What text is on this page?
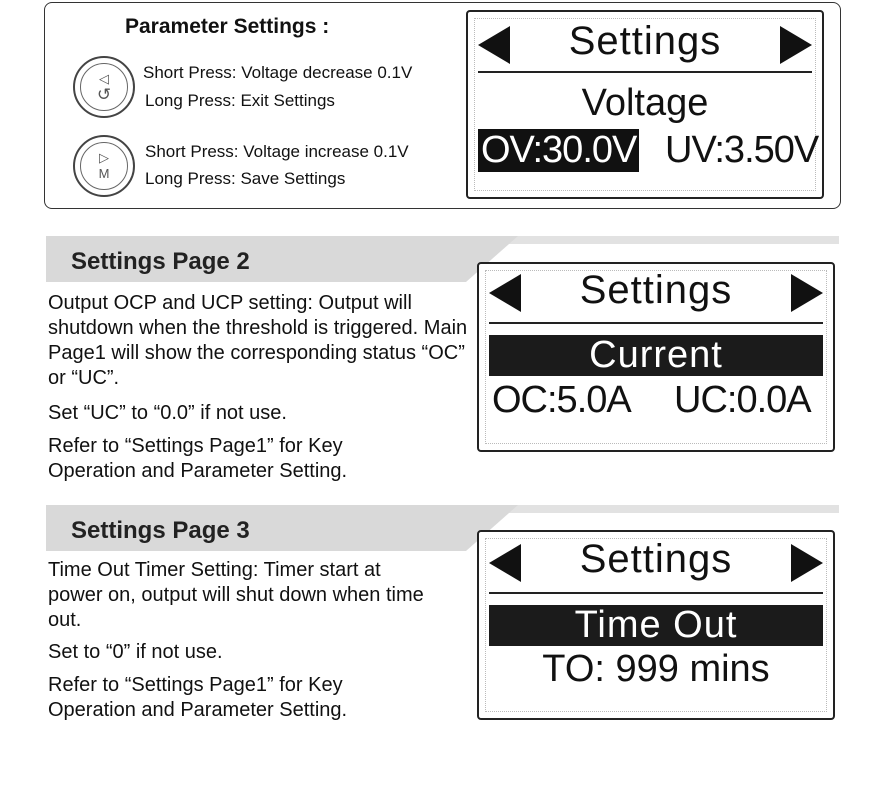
Parameter Settings :
◁
↺
Short Press: Voltage decrease 0.1V
Long Press: Exit Settings
▷
M
Short Press: Voltage increase 0.1V
Long Press: Save Settings
Settings
Voltage
OV:30.0V UV:3.50V
Settings Page 2
Output OCP and UCP setting: Output will shutdown when the threshold is triggered. Main Page1 will show the corresponding status “OC” or “UC”.
Set “UC” to “0.0” if not use.
Refer to “Settings Page1” for Key Operation and Parameter Setting.
Settings
Current
OC:5.0A UC:0.0A
Settings Page 3
Time Out Timer Setting: Timer start at power on, output will shut down when time out.
Set to “0” if not use.
Refer to “Settings Page1” for Key Operation and Parameter Setting.
Settings
Time Out
TO: 999 mins
